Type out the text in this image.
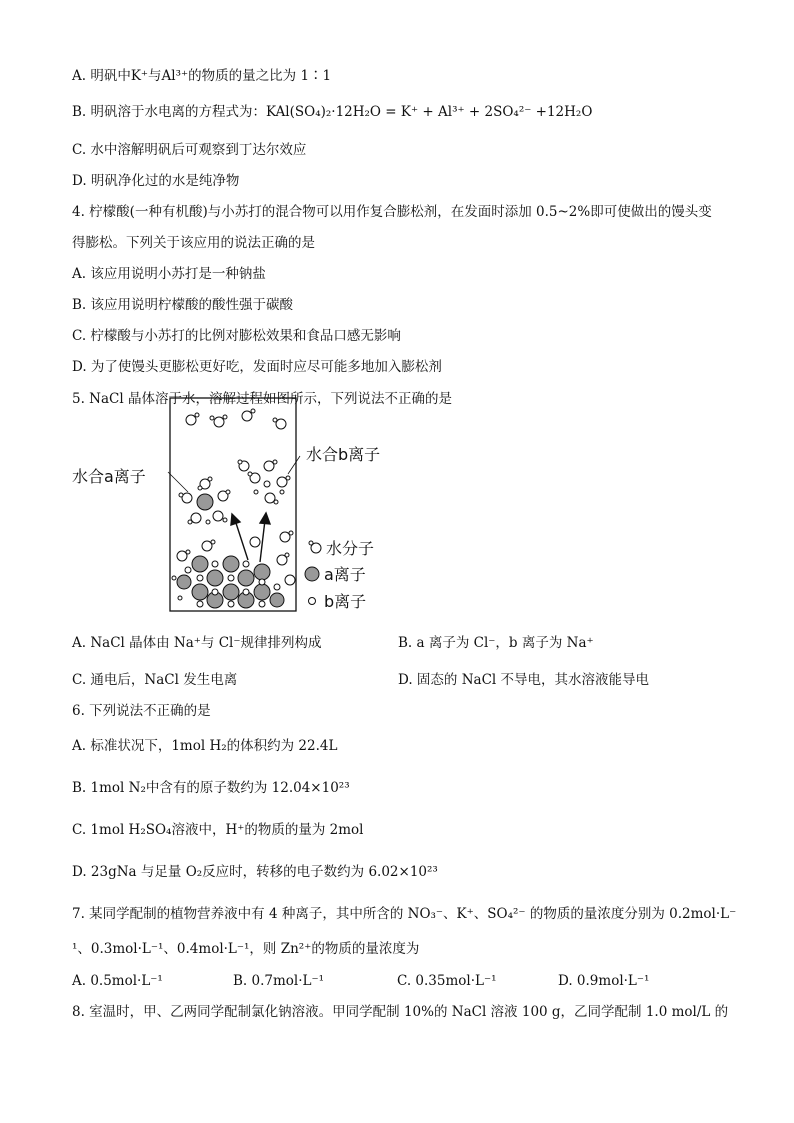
A. 明矾中K⁺与Al³⁺的物质的量之比为 1∶1
B. 明矾溶于水电离的方程式为：KAl(SO₄)₂·12H₂O = K⁺ + Al³⁺ + 2SO₄²⁻ +12H₂O
C. 水中溶解明矾后可观察到丁达尔效应
D. 明矾净化过的水是纯净物
4. 柠檬酸(一种有机酸)与小苏打的混合物可以用作复合膨松剂，在发面时添加 0.5~2%即可使做出的馒头变
得膨松。下列关于该应用的说法正确的是
A. 该应用说明小苏打是一种钠盐
B. 该应用说明柠檬酸的酸性强于碳酸
C. 柠檬酸与小苏打的比例对膨松效果和食品口感无影响
D. 为了使馒头更膨松更好吃，发面时应尽可能多地加入膨松剂
5. NaCl 晶体溶于水，溶解过程如图所示，下列说法不正确的是
水合a离子
水合b离子
水分子
a离子
b离子
A. NaCl 晶体由 Na⁺与 Cl⁻规律排列构成	B. a 离子为 Cl⁻，b 离子为 Na⁺
C. 通电后，NaCl 发生电离	D. 固态的 NaCl 不导电，其水溶液能导电
6. 下列说法不正确的是
A. 标准状况下，1mol H₂的体积约为 22.4L
B. 1mol N₂中含有的原子数约为 12.04×10²³
C. 1mol H₂SO₄溶液中，H⁺的物质的量为 2mol
D. 23gNa 与足量 O₂反应时，转移的电子数约为 6.02×10²³
7. 某同学配制的植物营养液中有 4 种离子，其中所含的 NO₃⁻、K⁺、SO₄²⁻ 的物质的量浓度分别为 0.2mol·L⁻
¹、0.3mol·L⁻¹、0.4mol·L⁻¹，则 Zn²⁺的物质的量浓度为
A. 0.5mol·L⁻¹	B. 0.7mol·L⁻¹	C. 0.35mol·L⁻¹	D. 0.9mol·L⁻¹
8. 室温时，甲、乙两同学配制氯化钠溶液。甲同学配制 10%的 NaCl 溶液 100 g，乙同学配制 1.0 mol/L 的
